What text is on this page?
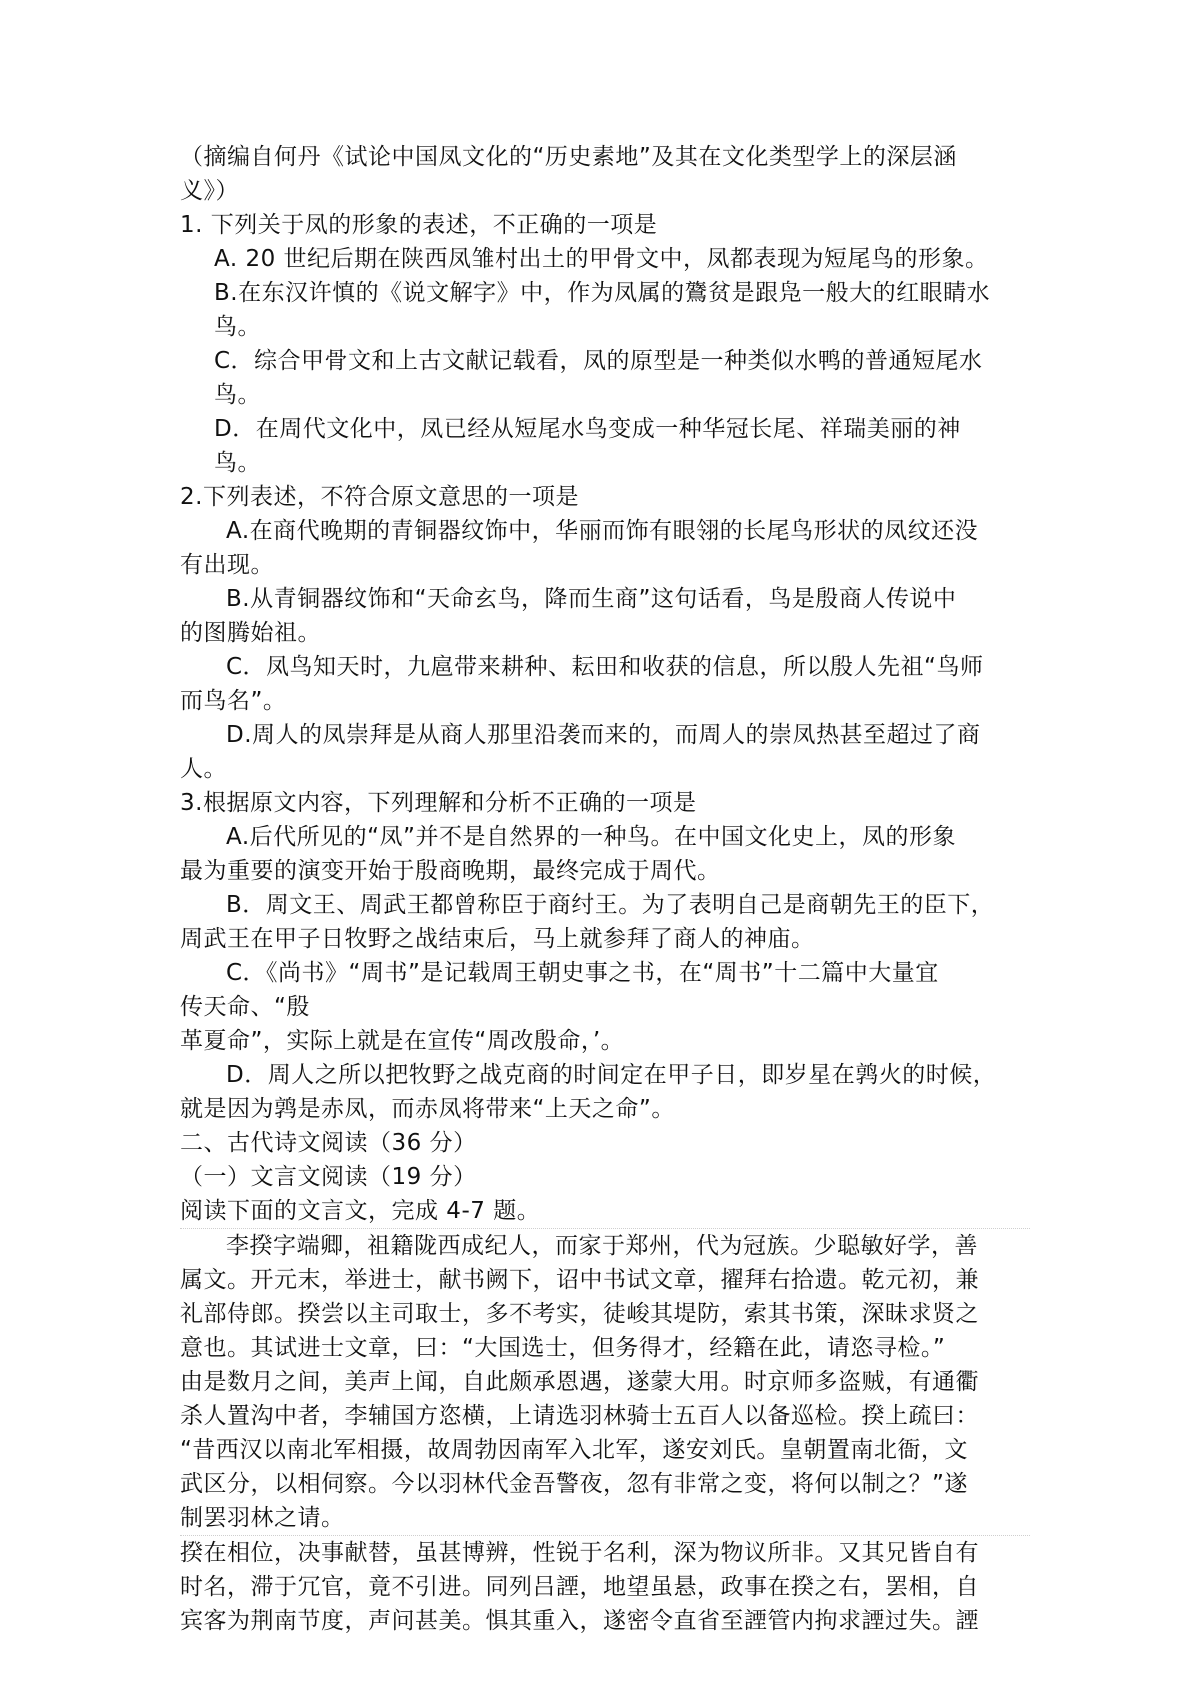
（摘编自何丹《试论中国凤文化的“历史素地”及其在文化类型学上的深层涵
义》）
1. 下列关于凤的形象的表述，不正确的一项是
A. 20 世纪后期在陕西凤雏村出土的甲骨文中，凤都表现为短尾鸟的形象。
B.在东汉许慎的《说文解字》中，作为凤属的鷟贫是跟凫一般大的红眼睛水
鸟。
C．综合甲骨文和上古文献记载看，凤的原型是一种类似水鸭的普通短尾水
鸟。
D．在周代文化中，凤已经从短尾水鸟变成一种华冠长尾、祥瑞美丽的神
鸟。
2.下列表述，不符合原文意思的一项是
A.在商代晚期的青铜器纹饰中，华丽而饰有眼翎的长尾鸟形状的凤纹还没
有出现。
B.从青铜器纹饰和“天命玄鸟，降而生商”这句话看，鸟是殷商人传说中
的图腾始祖。
C．凤鸟知天时，九扈带来耕种、耘田和收获的信息，所以殷人先祖“鸟师
而鸟名”。
D.周人的凤崇拜是从商人那里沿袭而来的，而周人的崇凤热甚至超过了商
人。
3.根据原文内容，下列理解和分析不正确的一项是
A.后代所见的“凤”并不是自然界的一种鸟。在中国文化史上，凤的形象
最为重要的演变开始于殷商晚期，最终完成于周代。
B．周文王、周武王都曾称臣于商纣王。为了表明自己是商朝先王的臣下，
周武王在甲子日牧野之战结束后，马上就参拜了商人的神庙。
C．《尚书》“周书”是记载周王朝史事之书，在“周书”十二篇中大量宜
传天命、“殷
革夏命”，实际上就是在宣传“周改殷命，’。
D．周人之所以把牧野之战克商的时间定在甲子日，即岁星在鹑火的时候，
就是因为鹑是赤凤，而赤凤将带来“上天之命”。
二、古代诗文阅读（36 分）
（一）文言文阅读（19 分）
阅读下面的文言文，完成 4-7 题。
李揆字端卿，祖籍陇西成纪人，而家于郑州，代为冠族。少聪敏好学，善
属文。开元末，举进士，献书阙下，诏中书试文章，擢拜右拾遗。乾元初，兼
礼部侍郎。揆尝以主司取士，多不考实，徒峻其堤防，索其书策，深昧求贤之
意也。其试进士文章，曰：“大国选士，但务得才，经籍在此，请恣寻检。”
由是数月之间，美声上闻，自此颇承恩遇，遂蒙大用。时京师多盗贼，有通衢
杀人置沟中者，李辅国方恣横，上请选羽林骑士五百人以备巡检。揆上疏曰：
“昔西汉以南北军相摄，故周勃因南军入北军，遂安刘氏。皇朝置南北衙，文
武区分，以相伺察。今以羽林代金吾警夜，忽有非常之变，将何以制之？”遂
制罢羽林之请。
揆在相位，决事献替，虽甚博辨，性锐于名利，深为物议所非。又其兄皆自有
时名，滞于冗官，竟不引进。同列吕諲，地望虽悬，政事在揆之右，罢相，自
宾客为荆南节度，声问甚美。惧其重入，遂密令直省至諲管内拘求諲过失。諲
